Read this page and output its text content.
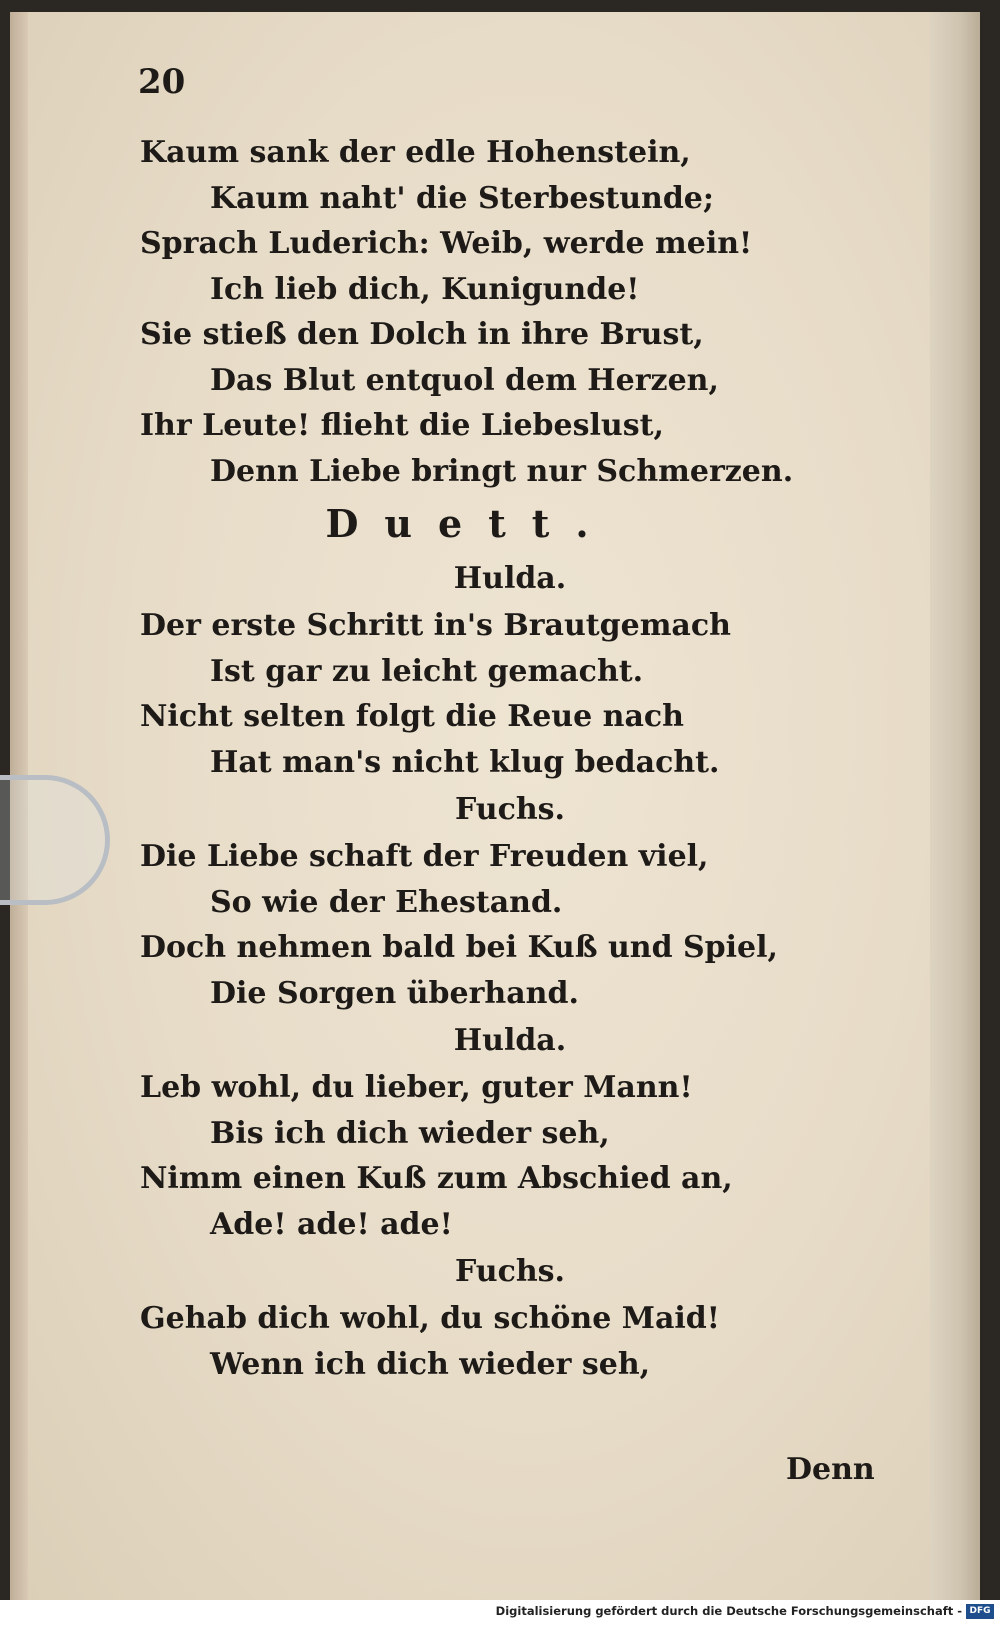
20
Kaum sank der edle Hohenstein,
Kaum naht' die Sterbestunde;
Sprach Luderich: Weib, werde mein!
Ich lieb dich, Kunigunde!
Sie stieß den Dolch in ihre Brust,
Das Blut entquol dem Herzen,
Ihr Leute! flieht die Liebeslust,
Denn Liebe bringt nur Schmerzen.
Duett.
Hulda.
Der erste Schritt in's Brautgemach
Ist gar zu leicht gemacht.
Nicht selten folgt die Reue nach
Hat man's nicht klug bedacht.
Fuchs.
Die Liebe schaft der Freuden viel,
So wie der Ehestand.
Doch nehmen bald bei Kuß und Spiel,
Die Sorgen überhand.
Hulda.
Leb wohl, du lieber, guter Mann!
Bis ich dich wieder seh,
Nimm einen Kuß zum Abschied an,
Ade! ade! ade!
Fuchs.
Gehab dich wohl, du schöne Maid!
Wenn ich dich wieder seh,
Denn
Digitalisierung gefördert durch die Deutsche Forschungsgemeinschaft - DFG
